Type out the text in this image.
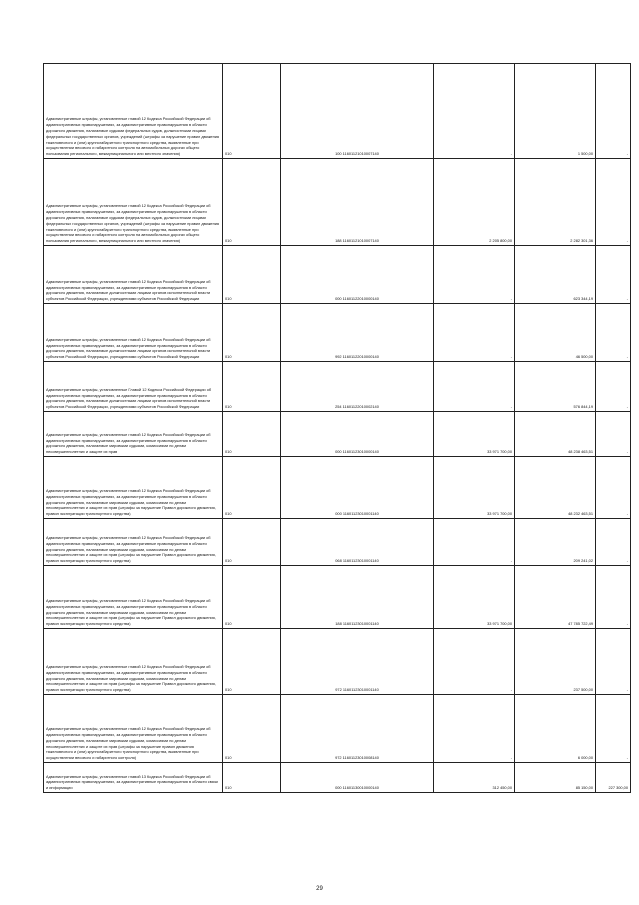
Административные штрафы, установленные главой 12 Кодекса Российской Федерации об административных правонарушениях, за административные правонарушения в области дорожного движения, налагаемые судьями федеральных судов, должностными лицами федеральных государственных органов, учреждений (штрафы за нарушение правил движения тяжеловесного и (или) крупногабаритного транспортного средства, выявленные при осуществлении весового и габаритного контроля на автомобильных дорогах общего пользования регионального, межмуниципального или местного значения)	010	100 11601121010007140	-	1 500,00	-

Административные штрафы, установленные главой 12 Кодекса Российской Федерации об административных правонарушениях, за административные правонарушения в области дорожного движения, налагаемые судьями федеральных судов, должностными лицами федеральных государственных органов, учреждений (штрафы за нарушение правил движения тяжеловесного и (или) крупногабаритного транспортного средства, выявленные при осуществлении весового и габаритного контроля на автомобильных дорогах общего пользования регионального, межмуниципального или местного значения)	010	188 11601121010007140	2 205 800,00	2 282 301,36	-

Административные штрафы, установленные главой 12 Кодекса Российской Федерации об административных правонарушениях, за административные правонарушения в области дорожного движения, налагаемые должностными лицами органов исполнительной власти субъектов Российской Федерации, учреждениями субъектов Российской Федерации	010	000 11601122010000140	-	623 344,19	-

Административные штрафы, установленные главой 12 Кодекса Российской Федерации об административных правонарушениях, за административные правонарушения в области дорожного движения, налагаемые должностными лицами органов исполнительной власти субъектов Российской Федерации, учреждениями субъектов Российской Федерации	010	992 11601122010000140	-	46 500,00	-

Административные штрафы, установленные Главой 12 Кодекса Российской Федерации об административных правонарушениях, за административные правонарушения в области дорожного движения, налагаемые должностными лицами органов исполнительной власти субъектов Российской Федерации, учреждениями субъектов Российской Федерации	010	254 11601122010002140	-	576 844,19	-

Административные штрафы, установленные главой 12 Кодекса Российской Федерации об административных правонарушениях, за административные правонарушения в области дорожного движения, налагаемые мировыми судьями, комиссиями по делам несовершеннолетних и защите их прав	010	000 11601123010000140	33 971 700,00	48 238 463,51	-

Административные штрафы, установленные главой 12 Кодекса Российской Федерации об административных правонарушениях, за административные правонарушения в области дорожного движения, налагаемые мировыми судьями, комиссиями по делам несовершеннолетних и защите их прав (штрафы за нарушение Правил дорожного движения, правил эксплуатации транспортного средства)	010	000 11601123010001140	33 971 700,00	48 232 463,51	-

Административные штрафы, установленные главой 12 Кодекса Российской Федерации об административных правонарушениях, за административные правонарушения в области дорожного движения, налагаемые мировыми судьями, комиссиями по делам несовершеннолетних и защите их прав (штрафы за нарушение Правил дорожного движения, правил эксплуатации транспортного средства)	010	068 11601123010001140	-	209 241,02	-

Административные штрафы, установленные главой 12 Кодекса Российской Федерации об административных правонарушениях, за административные правонарушения в области дорожного движения, налагаемые мировыми судьями, комиссиями по делам несовершеннолетних и защите их прав (штрафы за нарушение Правил дорожного движения, правил эксплуатации транспортного средства)	010	188 11601123010001140	33 971 700,00	47 785 722,49	-

Административные штрафы, установленные главой 12 Кодекса Российской Федерации об административных правонарушениях, за административные правонарушения в области дорожного движения, налагаемые мировыми судьями, комиссиями по делам несовершеннолетних и защите их прав (штрафы за нарушение Правил дорожного движения, правил эксплуатации транспортного средства)	010	972 11601123010001140	-	237 500,00	-

Административные штрафы, установленные главой 12 Кодекса Российской Федерации об административных правонарушениях, за административные правонарушения в области дорожного движения, налагаемые мировыми судьями, комиссиями по делам несовершеннолетних и защите их прав (штрафы за нарушение правил движения тяжеловесного и (или) крупногабаритного транспортного средства, выявленные при осуществлении весового и габаритного контроля)	010	972 11601123010008140	-	6 000,00	-

Административные штрафы, установленные главой 13 Кодекса Российской Федерации об административных правонарушениях, за административные правонарушения в области связи и информации	010	000 11601130010000140	312 450,00	85 150,00	227 300,00
29
